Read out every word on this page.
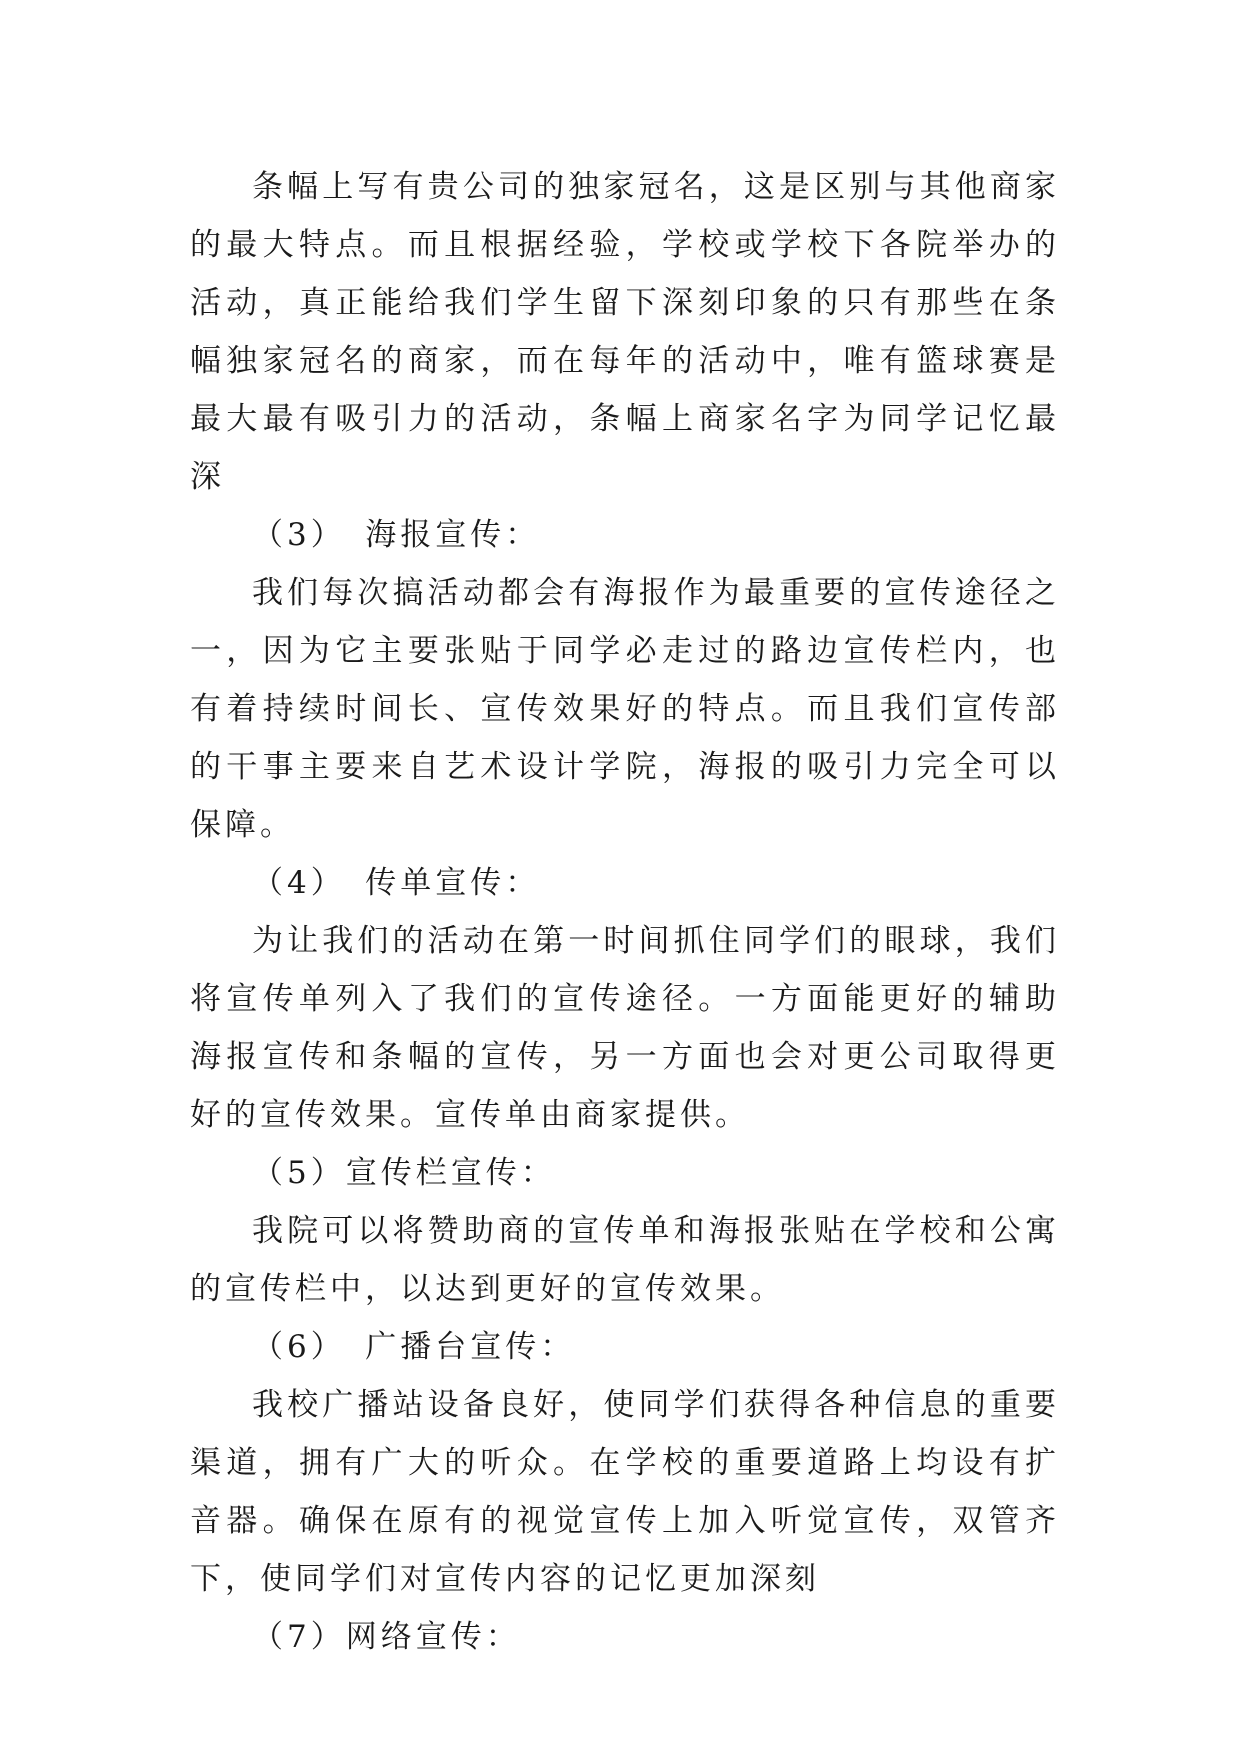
条幅上写有贵公司的独家冠名，这是区别与其他商家的最大特点。而且根据经验，学校或学校下各院举办的活动，真正能给我们学生留下深刻印象的只有那些在条幅独家冠名的商家，而在每年的活动中，唯有篮球赛是最大最有吸引力的活动，条幅上商家名字为同学记忆最深

（3）　海报宣传：

我们每次搞活动都会有海报作为最重要的宣传途径之一，因为它主要张贴于同学必走过的路边宣传栏内，也有着持续时间长、宣传效果好的特点。而且我们宣传部的干事主要来自艺术设计学院，海报的吸引力完全可以保障。

（4）　传单宣传：

为让我们的活动在第一时间抓住同学们的眼球，我们将宣传单列入了我们的宣传途径。一方面能更好的辅助海报宣传和条幅的宣传，另一方面也会对更公司取得更好的宣传效果。宣传单由商家提供。

（5）宣传栏宣传：

我院可以将赞助商的宣传单和海报张贴在学校和公寓的宣传栏中，以达到更好的宣传效果。

（6）　广播台宣传：

我校广播站设备良好，使同学们获得各种信息的重要渠道，拥有广大的听众。在学校的重要道路上均设有扩音器。确保在原有的视觉宣传上加入听觉宣传，双管齐下，使同学们对宣传内容的记忆更加深刻

（7）网络宣传：
